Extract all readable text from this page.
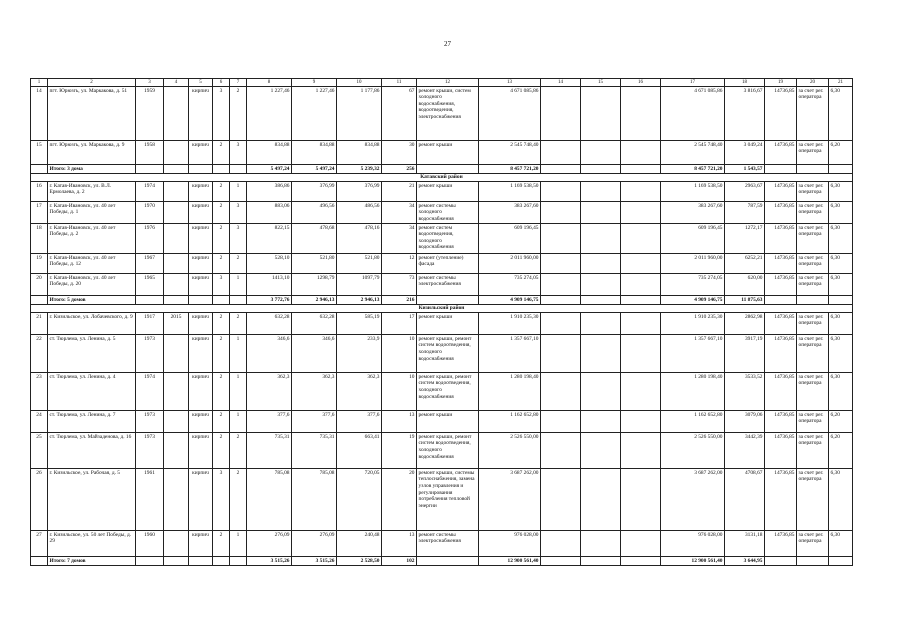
27
1	2	3	4	5	6	7	8	9	10	11	12	13	14	15	16	17	18	19	20	21
14	пгт. Юрюзгь, ул. Маркакова, д. 51	1959		кирпич	3	2	1 227,46	1 227,46	1 177,86	67	ремонт крыши, систем холодного водоснабжения, водоотведения, электроснабжения	4 671 085,86				4 671 085,86	3 816,67	14736,85	за счет рег. оператора	6,30
15	пгт. Юрюзгь, ул. Маркакова, д. 9	1958		кирпич	2	3	834,88	834,88	834,88	30	ремонт крыши	2 545 748,40				2 545 748,40	3 049,24	14736,85	за счет рег. оператора	6,20
	Итого: 3 дома						5 497,24	5 497,24	5 239,32	256		8 457 721,20				8 457 721,20	1 543,57			
Катавский район																				
16	г. Катав-Ивановск, ул. В.Л. Ермолаева, д. 2	1974		кирпич	2	1	386,86	376,99	376,99	21	ремонт крыши	1 169 538,50				1 169 538,50	2963,67	14736,85	за счет рег. оператора	6,30
17	г. Катав-Ивановск, ул. 40 лет Победы, д. 1	1970		кирпич	2	3	883,06	496,56	486,56	34	ремонт системы холодного водоснабжения	383 267,60				383 267,60	787,59	14736,85	за счет рег. оператора	6,30
18	г. Катав-Ивановск, ул. 40 лет Победы, д. 2	1976		кирпич	2	3	822,15	478,68	478,16	34	ремонт систем водоотведения, холодного водоснабжения	609 196,45				609 196,45	1272,17	14736,85	за счет рег. оператора	6,30
19	г. Катав-Ивановск, ул. 40 лет Победы, д. 12	1967		кирпич	2	2	528,10	521,80	521,80	12	ремонт (утепление) фасада	2 011 960,00				2 011 960,00	6252,21	14736,85	за счет рег. оператора	6,30
20	г. Катав-Ивановск, ул. 40 лет Победы, д. 20	1965		кирпич	3	1	1413,10	1298,79	1097,79	73	ремонт системы электроснабжения	735 274,05				735 274,05	620,00	14736,85	за счет рег. оператора	6,30
	Итого: 5 домов						3 772,76	2 946,13	2 946,13	216		4 909 146,75				4 909 146,75	11 875,63			
Кизильский район																				
21	г. Кизильское, ул. Лобачевского, д. 9	1917	2015	кирпич	2	2	632,28	632,28	585,19	17	ремонт крыши	1 910 235,30				1 910 235,30	2862,98	14736,85	за счет рег. оператора	6,30
22	ст. Тюрлема, ул. Ленина, д. 5	1973		кирпич	2	1	346,6	346,6	233,9	10	ремонт крыши, ремонт систем водоотведения, холодного водоснабжения	1 357 667,10				1 357 667,10	3917,19	14736,85	за счет рег. оператора	6,30
23	ст. Тюрлема, ул. Ленина, д. 4	1974		кирпич	2	1	362,3	362,3	362,3	10	ремонт крыши, ремонт систем водоотведения, холодного водоснабжения	1 280 198,40				1 280 198,40	3533,52	14736,85	за счет рег. оператора	6,30
24	ст. Тюрлема, ул. Ленина, д. 7	1973		кирпич	2	1	377,6	377,6	377,6	13	ремонт крыши	1 162 652,80				1 162 652,80	3079,06	14736,85	за счет рег. оператора	6,20
25	ст. Тюрлема, ул. Майзаденова, д. 16	1973		кирпич	2	2	735,31	735,31	663,41	19	ремонт крыши, ремонт систем водоотведения, холодного водоснабжения	2 526 550,00				2 526 550,00	3442,39	14736,85	за счет рег. оператора	6,20
26	г. Кизильское, ул. Рабочая, д. 5	1961		кирпич	3	2	785,08	785,08	720,05	20	ремонт крыши, системы теплоснабжения, замена узлов управления и регулирования потребления тепловой энергии	3 687 262,00				3 687 262,00	4708,67	14736,85	за счет рег. оператора	6,30
27	г. Кизильское, ул. 50 лет Победы, д. 29	1960		кирпич	2	1	276,09	276,09	240,48	13	ремонт системы электроснабжения	976 028,00				976 028,00	3131,18	14736,85	за счет рег. оператора	6,30
	Итого: 7 домов						3 515,26	3 515,26	2 528,50	102		12 900 561,40				12 900 561,40	3 644,95			
